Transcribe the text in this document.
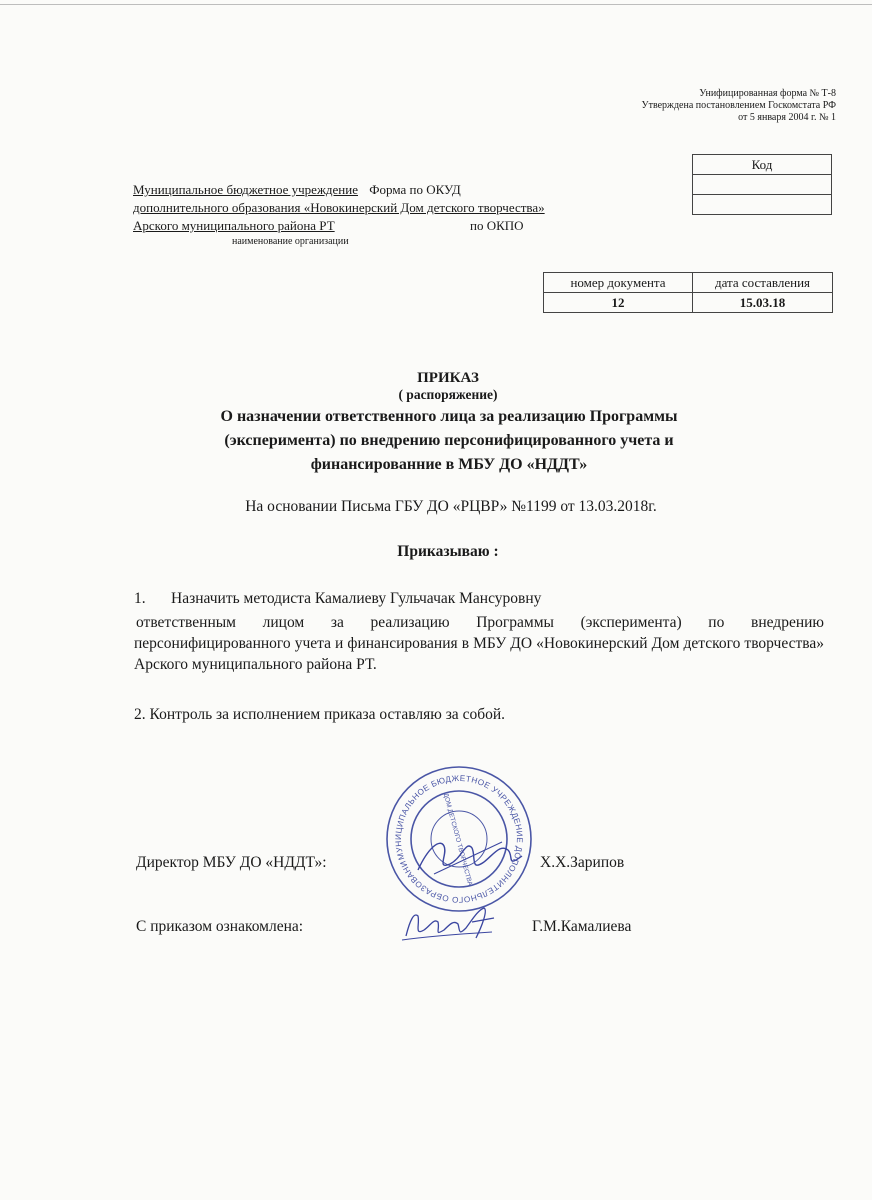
Унифицированная форма № Т-8
Утверждена постановлением Госкомстата РФ
от 5 января 2004 г. № 1
Код

Муниципальное бюджетное учреждение Форма по ОКУД
дополнительного образования «Новокинерский Дом детского творчества»
Арского муниципального района РТ	по ОКПО
наименование организации
номер документа	дата составления
12	15.03.18
ПРИКАЗ
( распоряжение)
О назначении ответственного лица за реализацию Программы
(эксперимента) по внедрению персонифицированного учета и
финансированние в МБУ ДО «НДДТ»
На основании Письма ГБУ ДО «РЦВР» №1199 от 13.03.2018г.
Приказываю :
1. Назначить методиста Камалиеву Гульчачак Мансуровну
ответственным лицом за реализацию Программы (эксперимента) по внедрению персонифицированного учета и финансирования в МБУ ДО «Новокинерский Дом детского творчества» Арского муниципального района РТ.
2. Контроль за исполнением приказа оставляю за собой.
МУНИЦИПАЛЬНОЕ БЮДЖЕТНОЕ УЧРЕЖДЕНИЕ ДОПОЛНИТЕЛЬНОГО ОБРАЗОВАНИЯ
ДОМ ДЕТСКОГО ТВОРЧЕСТВА
Директор МБУ ДО «НДДТ»:	Х.Х.Зарипов
С приказом ознакомлена:	Г.М.Камалиева
